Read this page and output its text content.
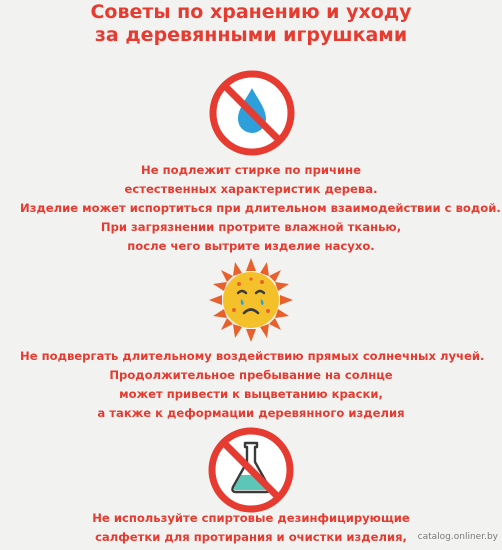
Советы по хранению и уходу
за деревянными игрушками
Не подлежит стирке по причине
естественных характеристик дерева.
Изделие может испортиться при длительном взаимодействии с водой.
При загрязнении протрите влажной тканью,
после чего вытрите изделие насухо.
Не подвергать длительному воздействию прямых солнечных лучей.
Продолжительное пребывание на солнце
может привести к выцветанию краски,
а также к деформации деревянного изделия
Не используйте спиртовые дезинфицирующие
салфетки для протирания и очистки изделия,	catalog.onliner.by
